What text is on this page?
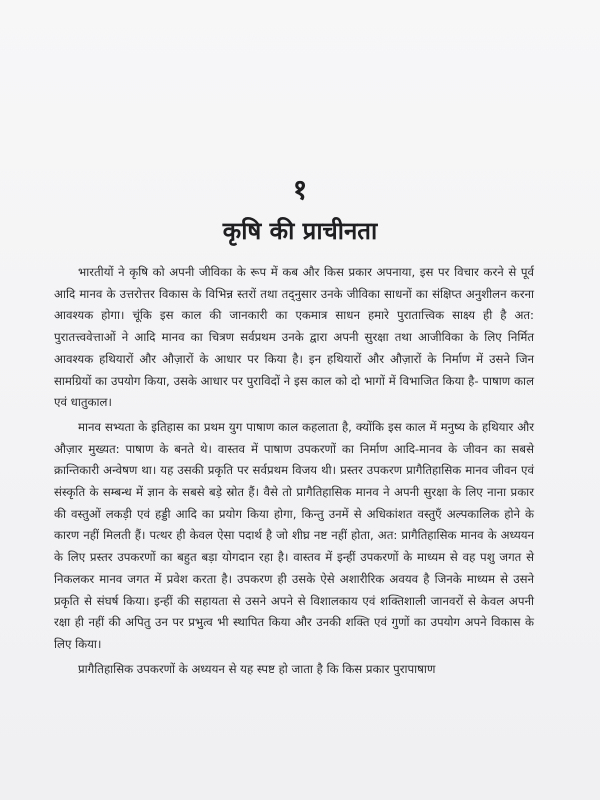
१
कृषि की प्राचीनता

भारतीयों ने कृषि को अपनी जीविका के रूप में कब और किस प्रकार अपनाया, इस पर विचार करने से पूर्व आदि मानव के उत्तरोत्तर विकास के विभिन्न स्तरों तथा तद्नुसार उनके जीविका साधनों का संक्षिप्त अनुशीलन करना आवश्यक होगा। चूंकि इस काल की जानकारी का एकमात्र साधन हमारे पुरातात्त्विक साक्ष्य ही है अत: पुरातत्त्ववेत्ताओं ने आदि मानव का चित्रण सर्वप्रथम उनके द्वारा अपनी सुरक्षा तथा आजीविका के लिए निर्मित आवश्यक हथियारों और औज़ारों के आधार पर किया है। इन हथियारों और औज़ारों के निर्माण में उसने जिन सामग्रियों का उपयोग किया, उसके आधार पर पुराविदों ने इस काल को दो भागों में विभाजित किया है- पाषाण काल एवं धातुकाल।

मानव सभ्यता के इतिहास का प्रथम युग पाषाण काल कहलाता है, क्योंकि इस काल में मनुष्य के हथियार और औज़ार मुख्यत: पाषाण के बनते थे। वास्तव में पाषाण उपकरणों का निर्माण आदि-मानव के जीवन का सबसे क्रान्तिकारी अन्वेषण था। यह उसकी प्रकृति पर सर्वप्रथम विजय थी। प्रस्तर उपकरण प्रागैतिहासिक मानव जीवन एवं संस्कृति के सम्बन्ध में ज्ञान के सबसे बड़े स्रोत हैं। वैसे तो प्रागैतिहासिक मानव ने अपनी सुरक्षा के लिए नाना प्रकार की वस्तुओं लकड़ी एवं हड्डी आदि का प्रयोग किया होगा, किन्तु उनमें से अधिकांशत वस्तुएँ अल्पकालिक होने के कारण नहीं मिलती हैं। पत्थर ही केवल ऐसा पदार्थ है जो शीघ्र नष्ट नहीं होता, अत: प्रागैतिहासिक मानव के अध्ययन के लिए प्रस्तर उपकरणों का बहुत बड़ा योगदान रहा है। वास्तव में इन्हीं उपकरणों के माध्यम से वह पशु जगत से निकलकर मानव जगत में प्रवेश करता है। उपकरण ही उसके ऐसे अशारीरिक अवयव है जिनके माध्यम से उसने प्रकृति से संघर्ष किया। इन्हीं की सहायता से उसने अपने से विशालकाय एवं शक्तिशाली जानवरों से केवल अपनी रक्षा ही नहीं की अपितु उन पर प्रभुत्व भी स्थापित किया और उनकी शक्ति एवं गुणों का उपयोग अपने विकास के लिए किया।

प्रागैतिहासिक उपकरणों के अध्ययन से यह स्पष्ट हो जाता है कि किस प्रकार पुरापाषाण
